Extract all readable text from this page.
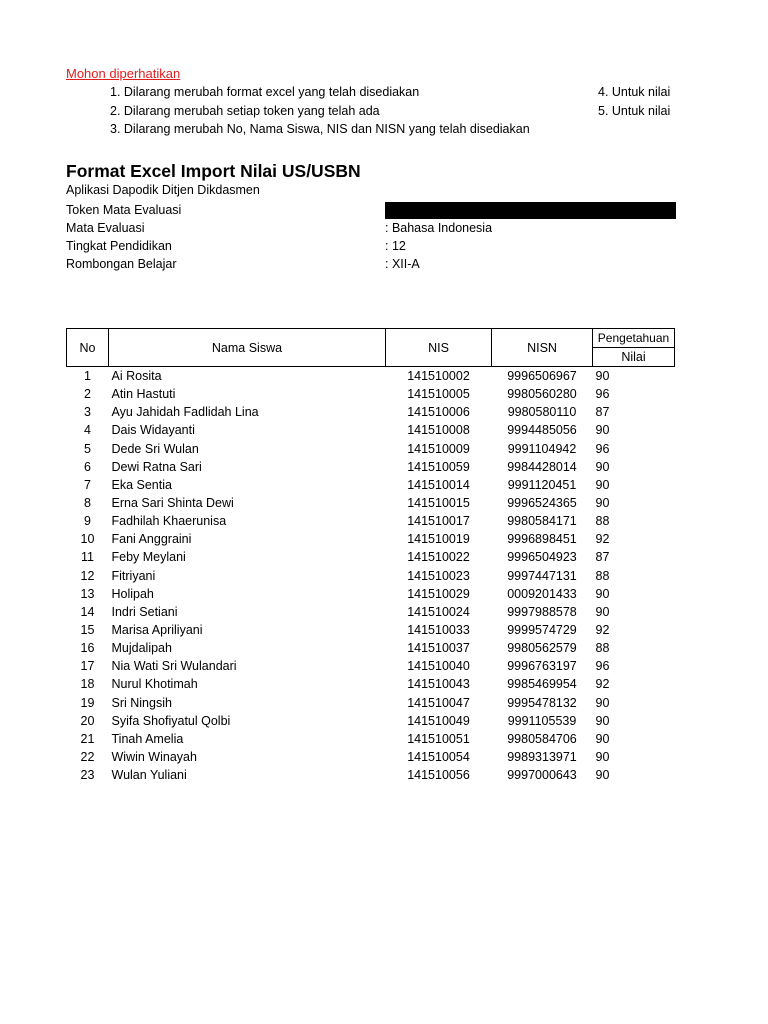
Mohon diperhatikan
1. Dilarang merubah format excel yang telah disediakan
2. Dilarang merubah setiap token yang telah ada
3. Dilarang merubah No, Nama Siswa, NIS dan NISN yang telah disediakan
4. Untuk nilai
5. Untuk nilai
Format Excel Import Nilai US/USBN
Aplikasi Dapodik Ditjen Dikdasmen
Token Mata Evaluasi
Mata Evaluasi	: Bahasa Indonesia
Tingkat Pendidikan	: 12
Rombongan Belajar	: XII-A
No	Nama Siswa	NIS	NISN	Pengetahuan
				Nilai
1	Ai Rosita	141510002	9996506967	90
2	Atin Hastuti	141510005	9980560280	96
3	Ayu Jahidah Fadlidah Lina	141510006	9980580110	87
4	Dais Widayanti	141510008	9994485056	90
5	Dede Sri Wulan	141510009	9991104942	96
6	Dewi Ratna Sari	141510059	9984428014	90
7	Eka Sentia	141510014	9991120451	90
8	Erna Sari Shinta Dewi	141510015	9996524365	90
9	Fadhilah Khaerunisa	141510017	9980584171	88
10	Fani Anggraini	141510019	9996898451	92
11	Feby Meylani	141510022	9996504923	87
12	Fitriyani	141510023	9997447131	88
13	Holipah	141510029	0009201433	90
14	Indri Setiani	141510024	9997988578	90
15	Marisa Apriliyani	141510033	9999574729	92
16	Mujdalipah	141510037	9980562579	88
17	Nia Wati Sri Wulandari	141510040	9996763197	96
18	Nurul Khotimah	141510043	9985469954	92
19	Sri Ningsih	141510047	9995478132	90
20	Syifa Shofiyatul Qolbi	141510049	9991105539	90
21	Tinah Amelia	141510051	9980584706	90
22	Wiwin Winayah	141510054	9989313971	90
23	Wulan Yuliani	141510056	9997000643	90
